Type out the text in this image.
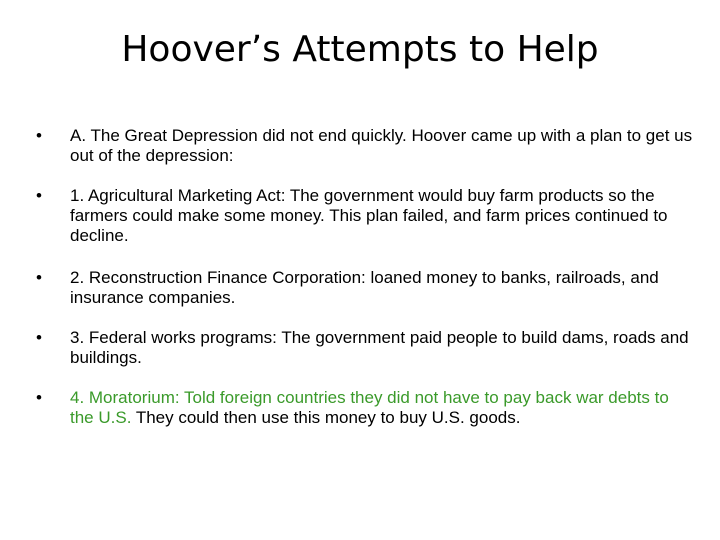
Hoover’s Attempts to Help
• A. The Great Depression did not end quickly. Hoover came up with a plan to get us out of the depression:
• 1. Agricultural Marketing Act: The government would buy farm products so the farmers could make some money. This plan failed, and farm prices continued to decline.
• 2. Reconstruction Finance Corporation: loaned money to banks, railroads, and insurance companies.
• 3. Federal works programs: The government paid people to build dams, roads and buildings.
• 4. Moratorium: Told foreign countries they did not have to pay back war debts to the U.S. They could then use this money to buy U.S. goods.
